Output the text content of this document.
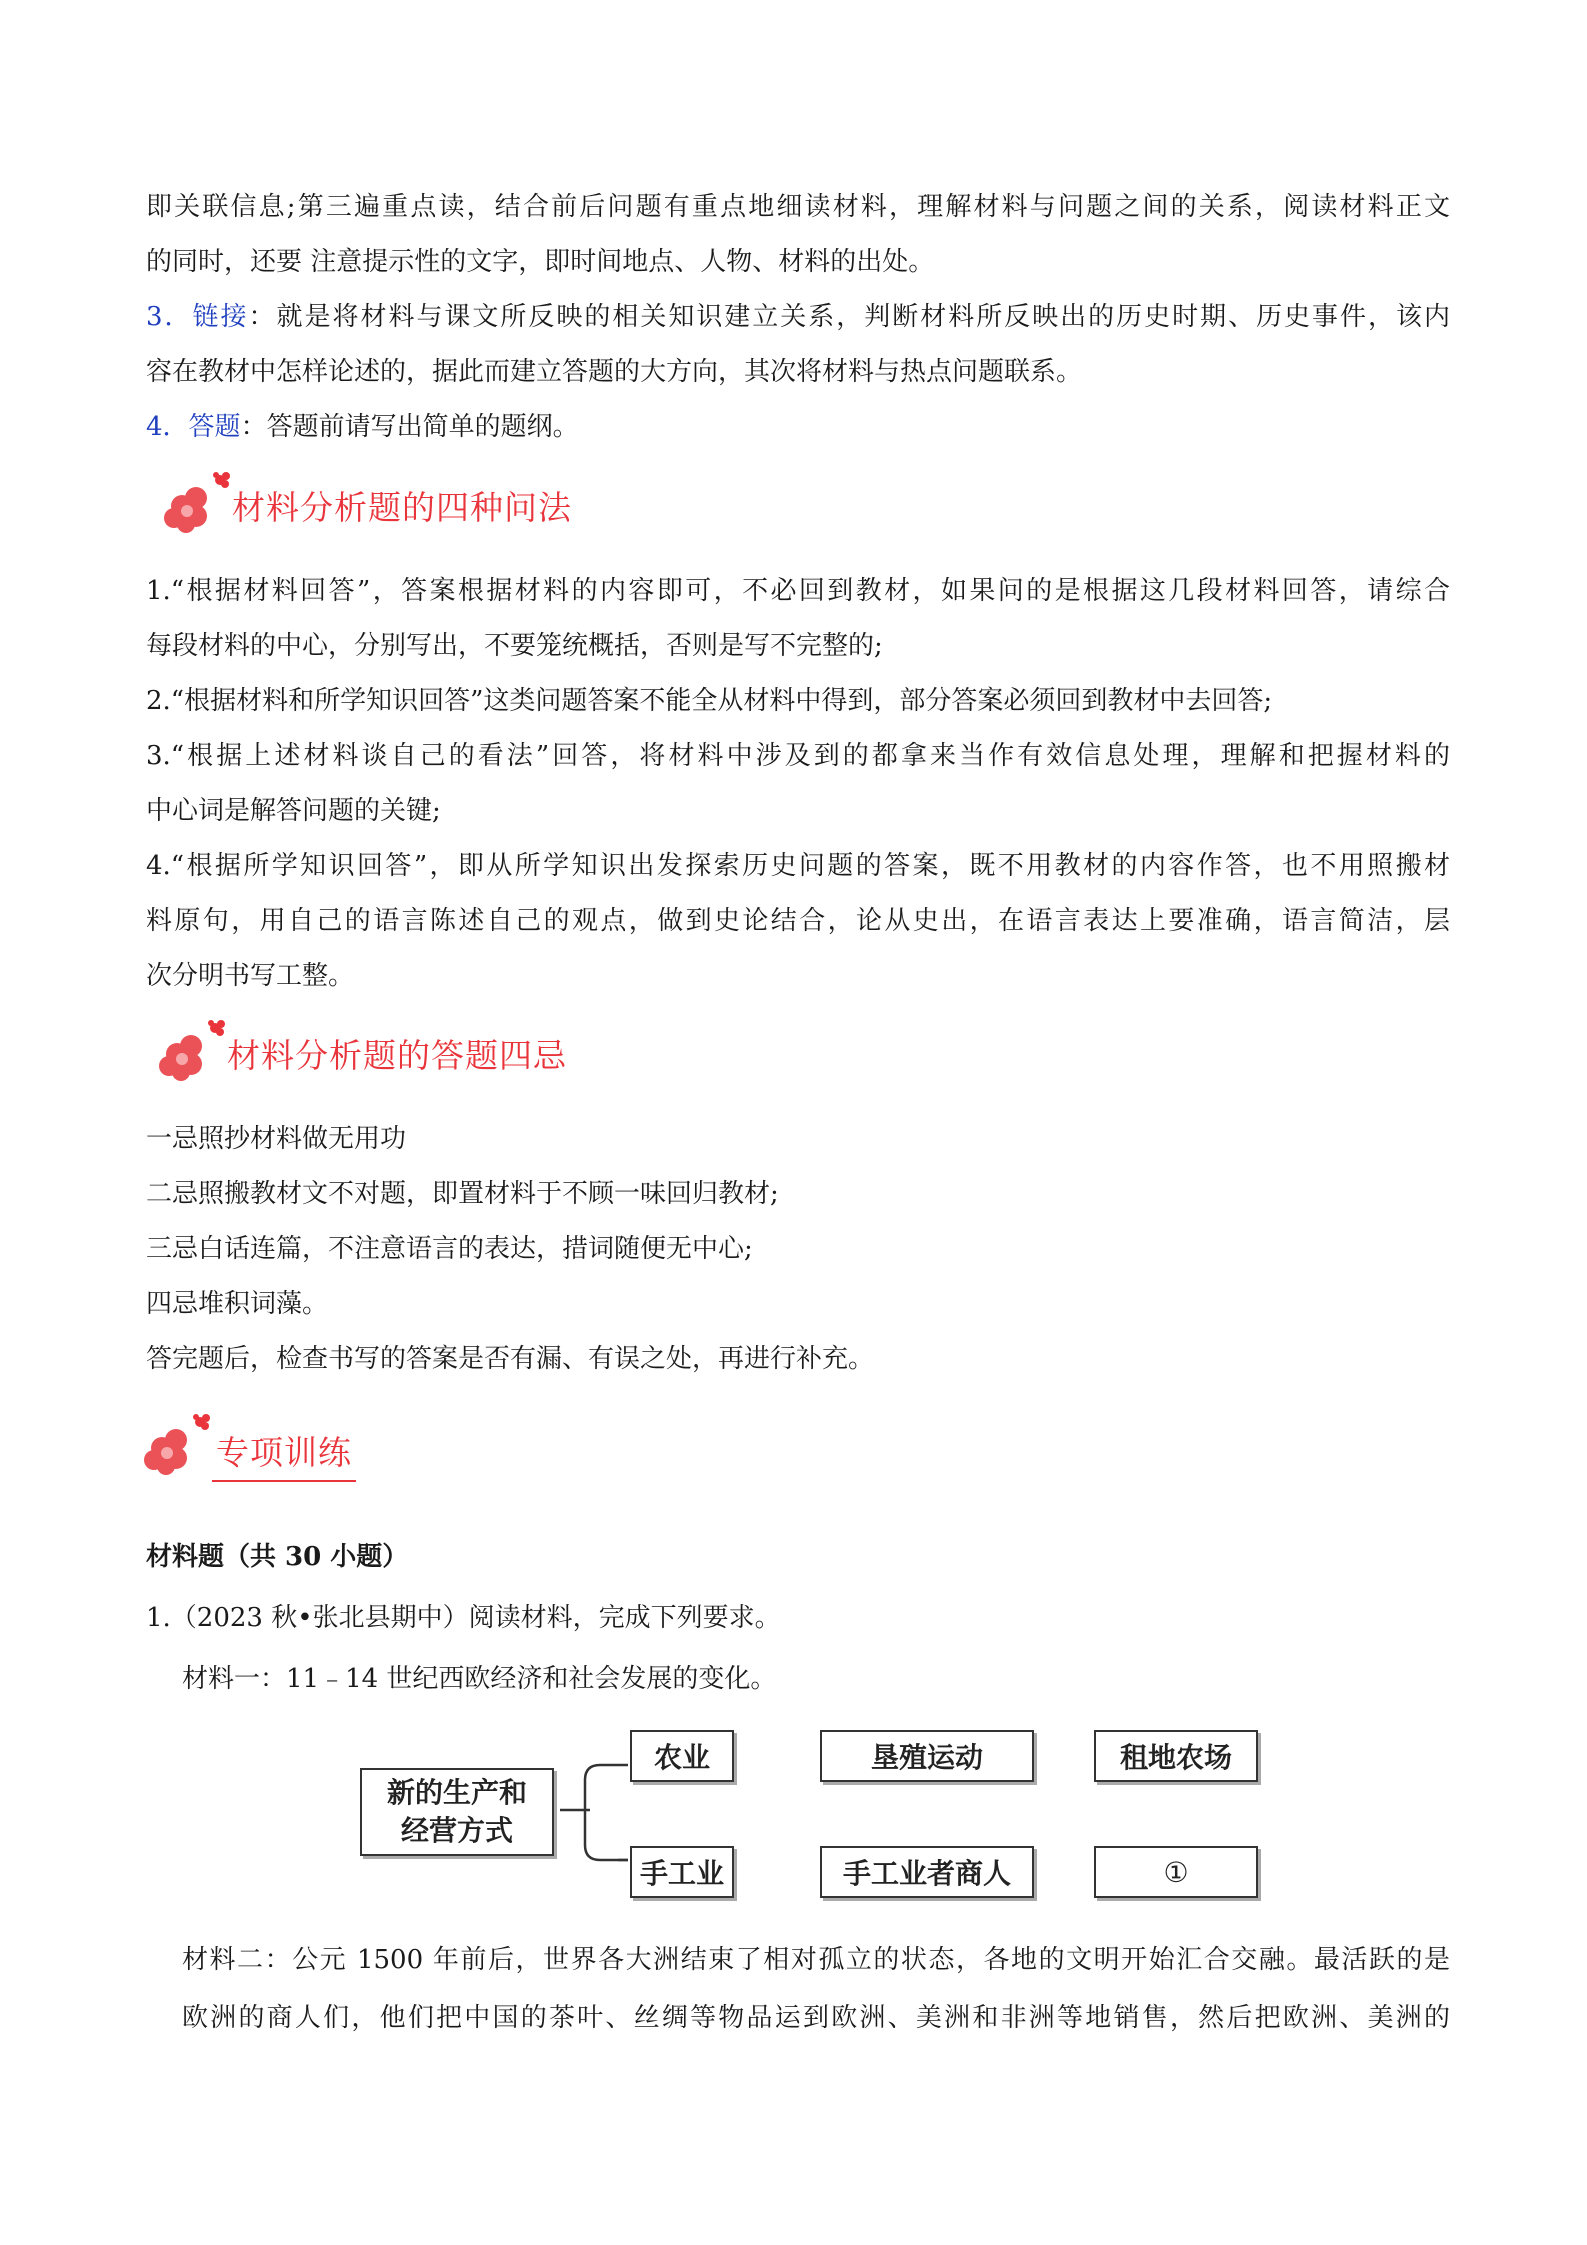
即关联信息;第三遍重点读，结合前后问题有重点地细读材料，理解材料与问题之间的关系，阅读材料正文
的同时，还要 注意提示性的文字，即时间地点、人物、材料的出处。
3．链接：就是将材料与课文所反映的相关知识建立关系，判断材料所反映出的历史时期、历史事件，该内
容在教材中怎样论述的，据此而建立答题的大方向，其次将材料与热点问题联系。
4．答题：答题前请写出简单的题纲。
材料分析题的四种问法
1.“根据材料回答”，答案根据材料的内容即可，不必回到教材，如果问的是根据这几段材料回答，请综合
每段材料的中心，分别写出，不要笼统概括，否则是写不完整的;
2.“根据材料和所学知识回答”这类问题答案不能全从材料中得到，部分答案必须回到教材中去回答;
3.“根据上述材料谈自己的看法”回答，将材料中涉及到的都拿来当作有效信息处理，理解和把握材料的
中心词是解答问题的关键;
4.“根据所学知识回答”，即从所学知识出发探索历史问题的答案，既不用教材的内容作答，也不用照搬材
料原句，用自己的语言陈述自己的观点，做到史论结合，论从史出，在语言表达上要准确，语言简洁，层
次分明书写工整。
材料分析题的答题四忌
一忌照抄材料做无用功
二忌照搬教材文不对题，即置材料于不顾一味回归教材;
三忌白话连篇，不注意语言的表达，措词随便无中心;
四忌堆积词藻。
答完题后，检查书写的答案是否有漏、有误之处，再进行补充。
专项训练
材料题（共 30 小题）
1.（2023 秋•张北县期中）阅读材料，完成下列要求。
材料一：11﹣14 世纪西欧经济和社会发展的变化。
新的生产和
经营方式
农业	垦殖运动	租地农场
手工业	手工业者商人	①
材料二：公元 1500 年前后，世界各大洲结束了相对孤立的状态，各地的文明开始汇合交融。最活跃的是
欧洲的商人们，他们把中国的茶叶、丝绸等物品运到欧洲、美洲和非洲等地销售，然后把欧洲、美洲的
